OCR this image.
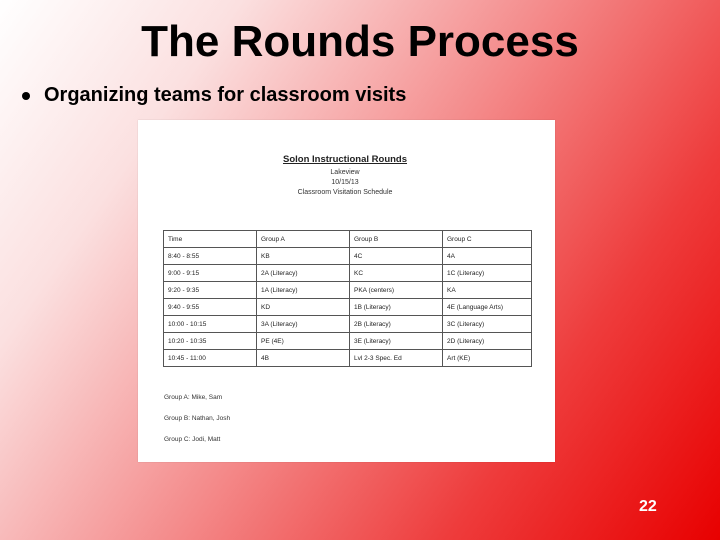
The Rounds Process
Organizing teams for classroom visits
Solon Instructional Rounds
Lakeview
10/15/13
Classroom Visitation Schedule
Time	Group A	Group B	Group C
8:40 - 8:55	KB	4C	4A
9:00 - 9:15	2A (Literacy)	KC	1C (Literacy)
9:20 - 9:35	1A (Literacy)	PKA (centers)	KA
9:40 - 9:55	KD	1B (Literacy)	4E (Language Arts)
10:00 - 10:15	3A (Literacy)	2B (Literacy)	3C (Literacy)
10:20 - 10:35	PE (4E)	3E (Literacy)	2D (Literacy)
10:45 - 11:00	4B	Lvl 2-3 Spec. Ed	Art (KE)
Group A: Mike, Sam
Group B: Nathan, Josh
Group C: Jodi, Matt
22
